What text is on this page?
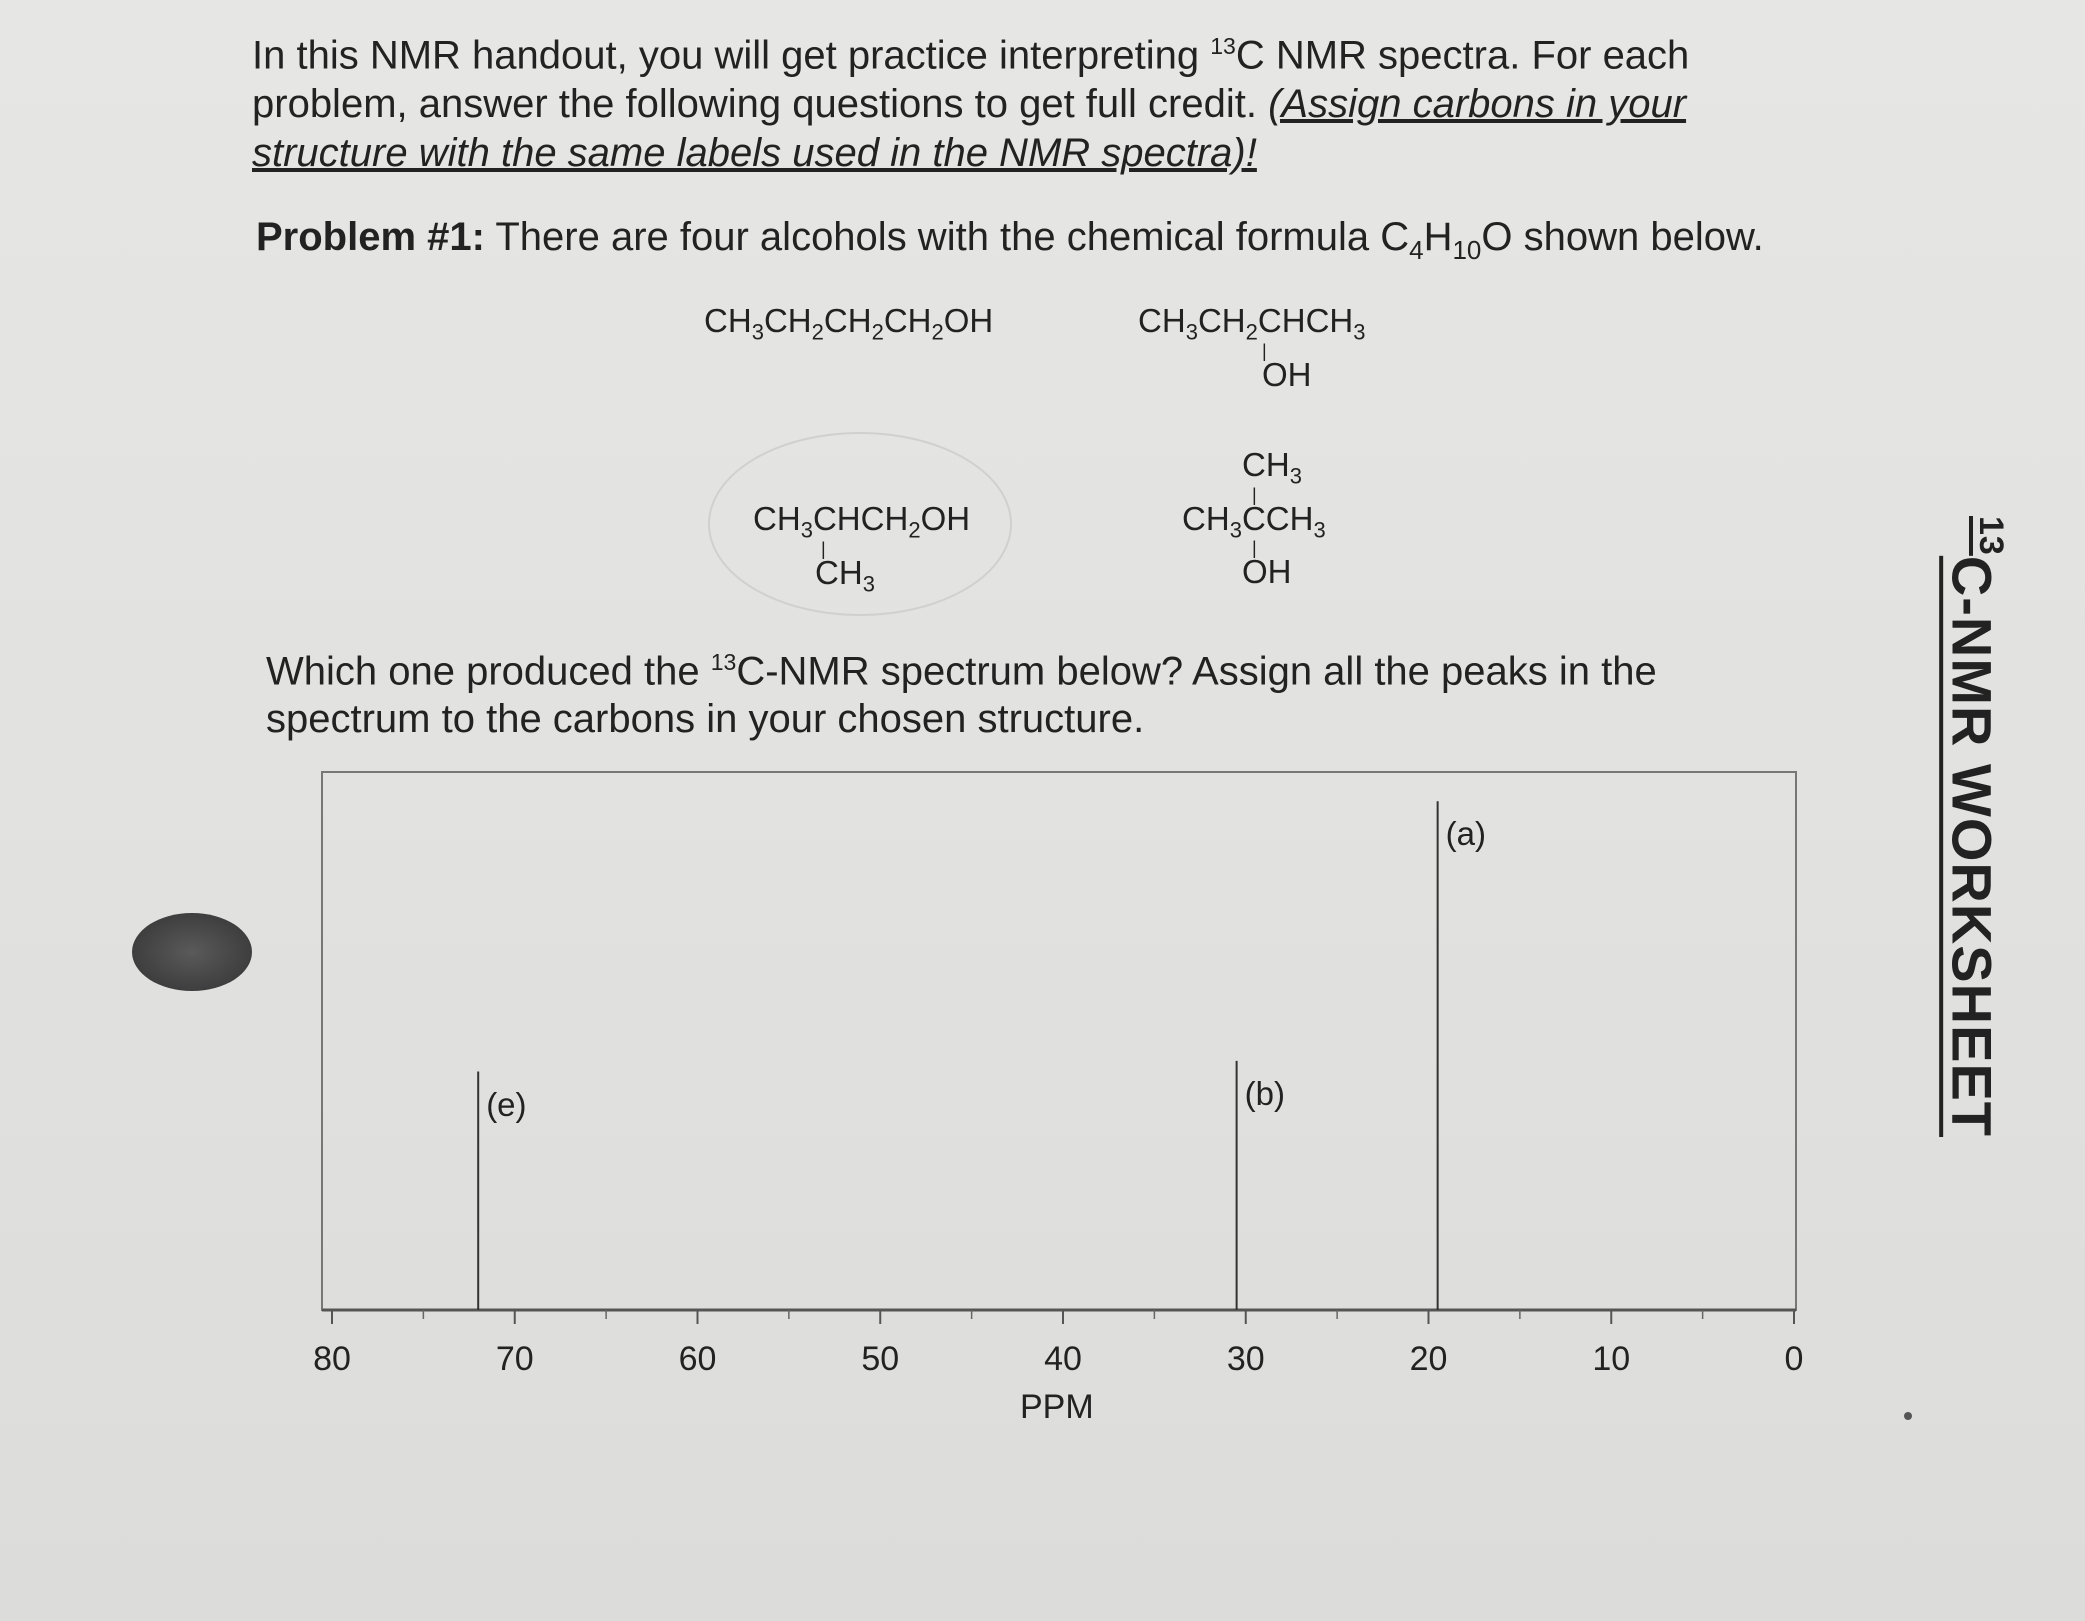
In this NMR handout, you will get practice interpreting $^{13}$C NMR spectra. For each problem, answer the following questions to get full credit. (Assign carbons in your structure with the same labels used in the NMR spectra)!

Problem #1: There are four alcohols with the chemical formula $C_4H_{10}O$ shown below.

$CH_3CH_2CH_2CH_2OH$	$CH_3CH_2CHCH_3$
|
OH
$CH_3CHCH_2OH$
|
$CH_3$
$CH_3$
|
$CH_3CCH_3$
|
OH

Which one produced the $^{13}$C-NMR spectrum below? Assign all the peaks in the spectrum to the carbons in your chosen structure.

80	70	60	50	40	30	20	10	0
(a)
(b)
(e)
PPM
$^{13}$C-NMR WORKSHEET
